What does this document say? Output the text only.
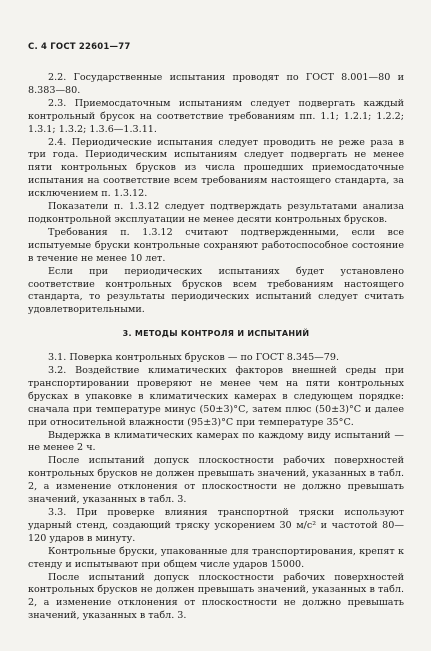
С. 4 ГОСТ 22601—77

2.2. Государственные испытания проводят по ГОСТ 8.001—80 и 8.383—80.

2.3. Приемосдаточным испытаниям следует подвергать каждый контрольный брусок на соответствие требованиям пп. 1.1; 1.2.1; 1.2.2; 1.3.1; 1.3.2; 1.3.6—1.3.11.

2.4. Периодические испытания следует проводить не реже раза в три года. Периодическим испытаниям следует подвергать не менее пяти контрольных брусков из числа прошедших приемосдаточные испытания на соответствие всем требованиям настоящего стандарта, за исключением п. 1.3.12.

Показатели п. 1.3.12 следует подтверждать результатами анализа подконтрольной эксплуатации не менее десяти контрольных брусков.

Требования п. 1.3.12 считают подтвержденными, если все испытуемые бруски контрольные сохраняют работоспособное состояние в течение не менее 10 лет.

Если при периодических испытаниях будет установлено соответствие контрольных брусков всем требованиям настоящего стандарта, то результаты периодических испытаний следует считать удовлетворительными.

3. МЕТОДЫ КОНТРОЛЯ И ИСПЫТАНИЙ

3.1. Поверка контрольных брусков — по ГОСТ 8.345—79.

3.2. Воздействие климатических факторов внешней среды при транспортировании проверяют не менее чем на пяти контрольных брусках в упаковке в климатических камерах в следующем порядке: сначала при температуре минус (50±3)°С, затем плюс (50±3)°С и далее при относительной влажности (95±3)°С при температуре 35°С.

Выдержка в климатических камерах по каждому виду испытаний — не менее 2 ч.

После испытаний допуск плоскостности рабочих поверхностей контрольных брусков не должен превышать значений, указанных в табл. 2, а изменение отклонения от плоскостности не должно превышать значений, указанных в табл. 3.

3.3. При проверке влияния транспортной тряски используют ударный стенд, создающий тряску ускорением 30 м/с² и частотой 80—120 ударов в минуту.

Контрольные бруски, упакованные для транспортирования, крепят к стенду и испытывают при общем числе ударов 15000.

После испытаний допуск плоскостности рабочих поверхностей контрольных брусков не должен превышать значений, указанных в табл. 2, а изменение отклонения от плоскостности не должно превышать значений, указанных в табл. 3.
